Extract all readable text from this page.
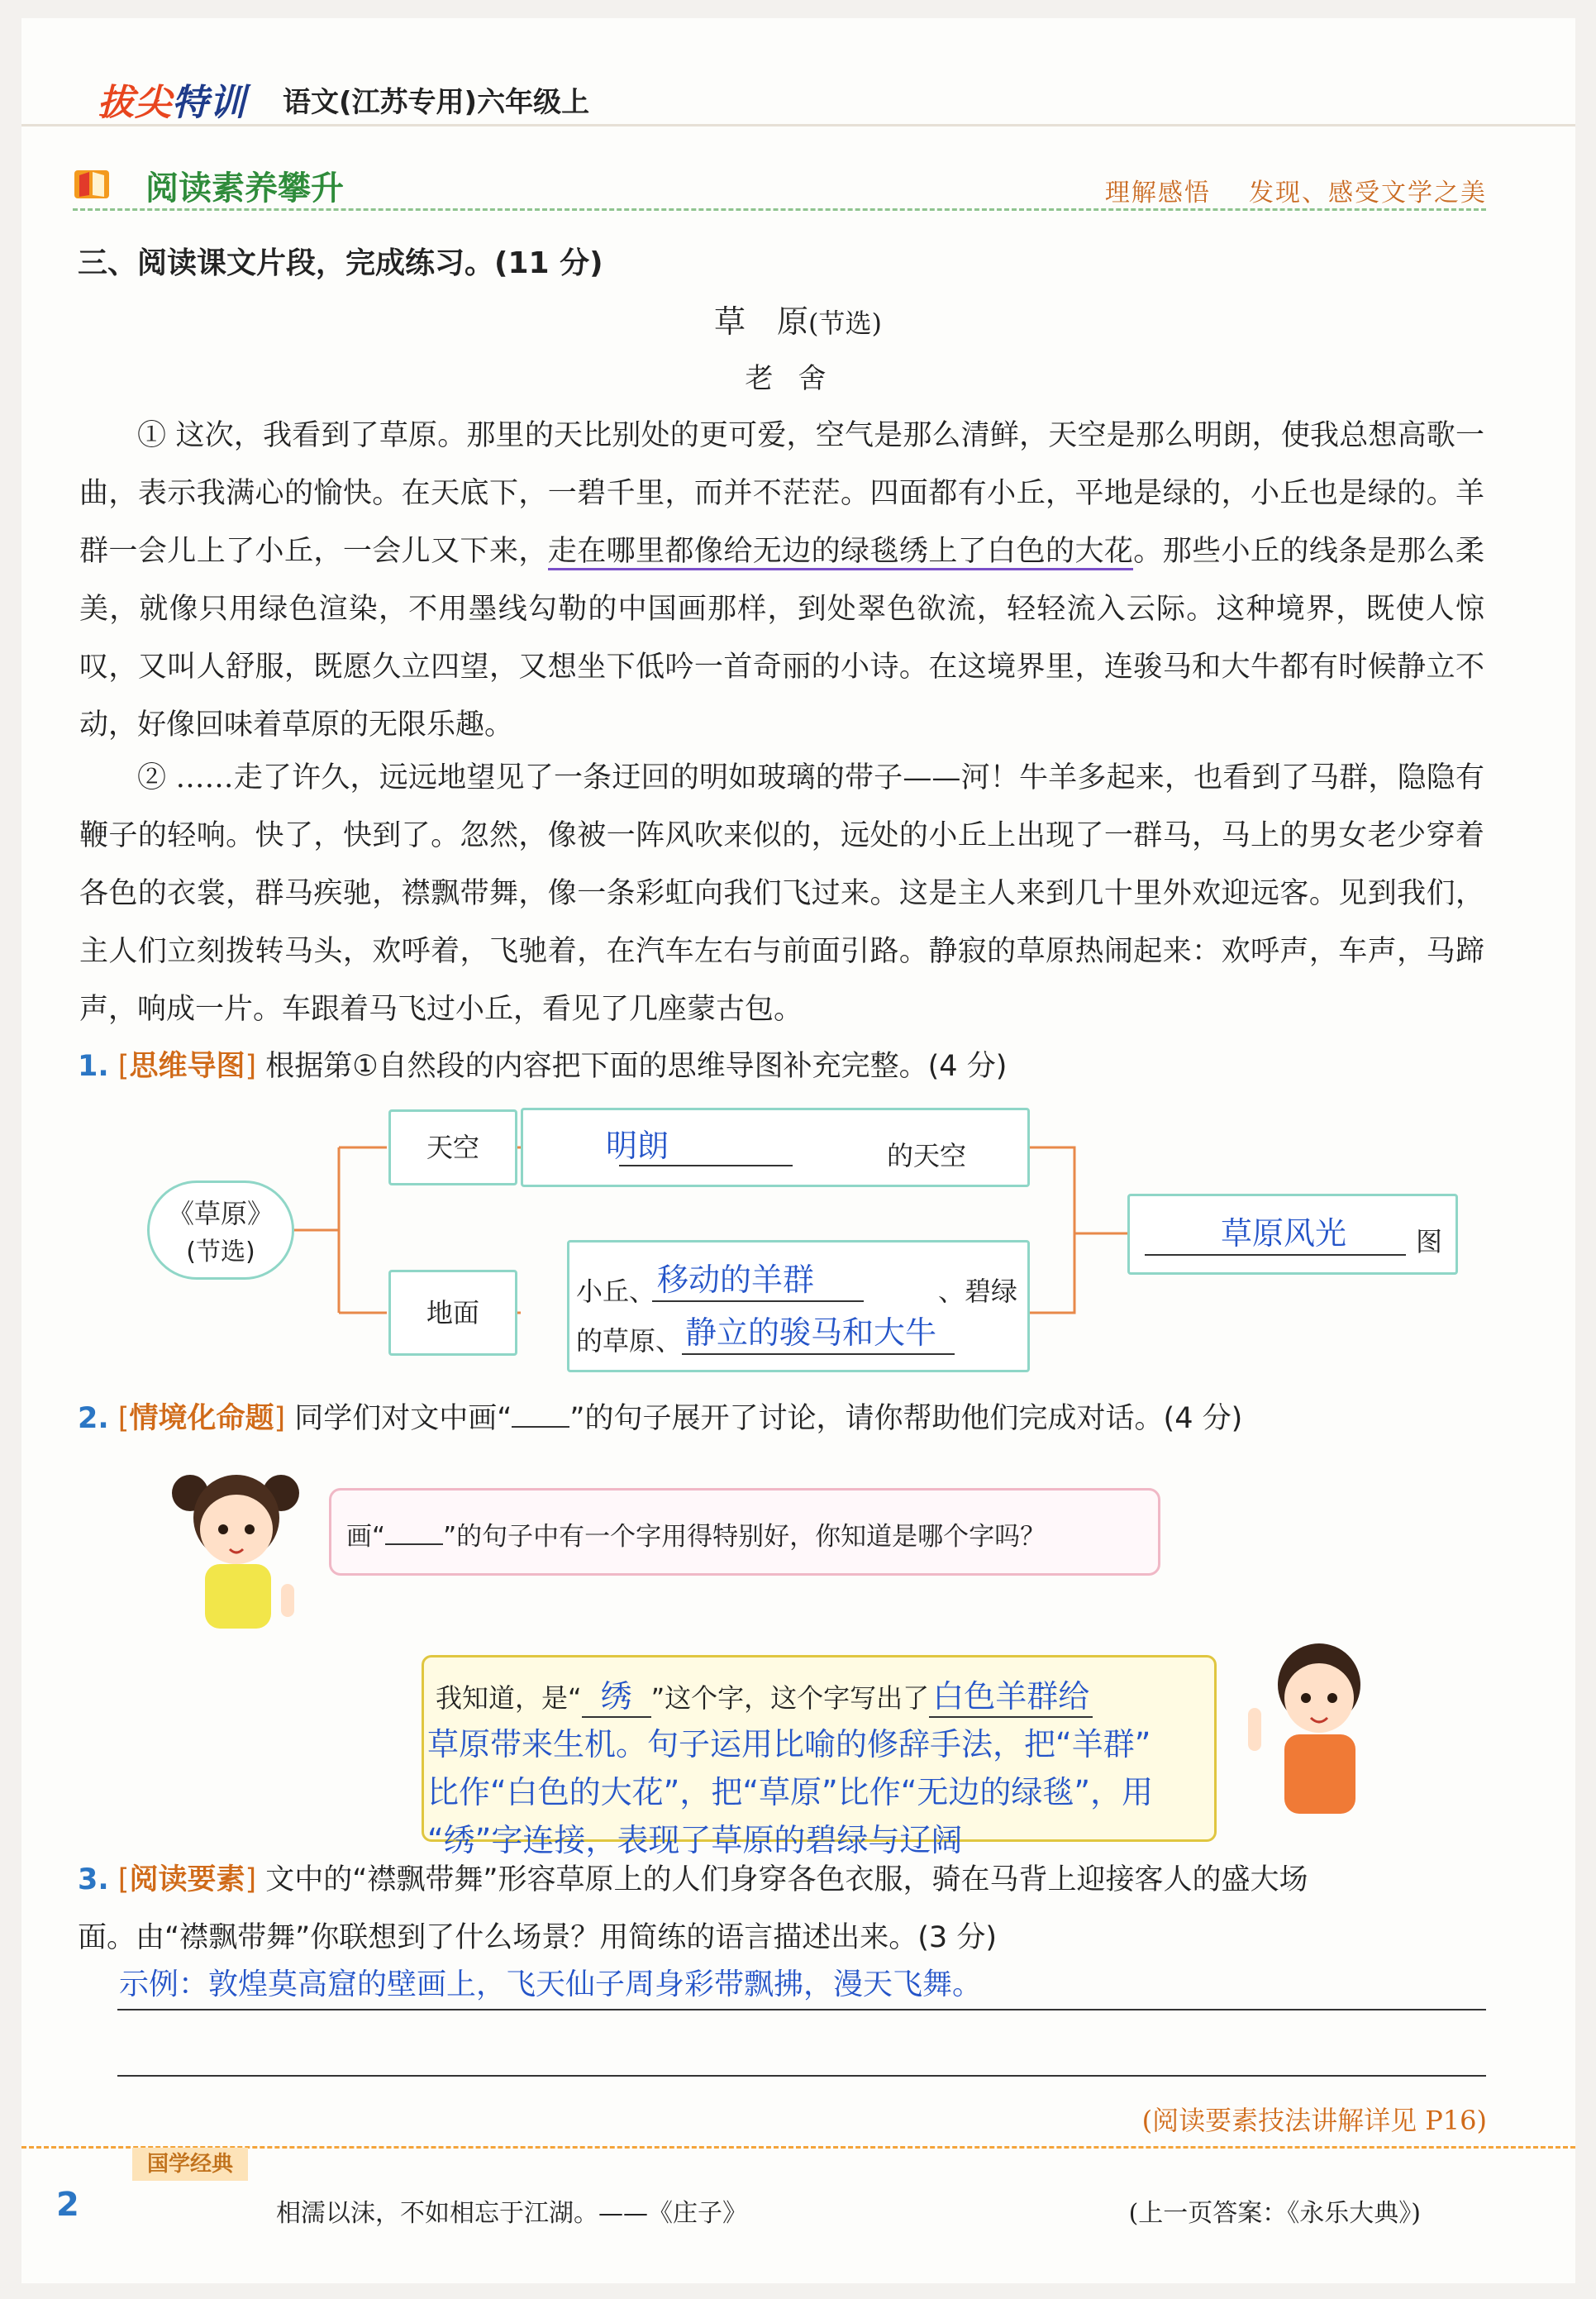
拔尖特训 语文(江苏专用)六年级上
阅读素养攀升	理解感悟    发现、感受文学之美
三、阅读课文片段，完成练习。(11 分)
草　原(节选)
老舍

① 这次，我看到了草原。那里的天比别处的更可爱，空气是那么清鲜，天空是那么明朗，使我总想高歌一曲，表示我满心的愉快。在天底下，一碧千里，而并不茫茫。四面都有小丘，平地是绿的，小丘也是绿的。羊群一会儿上了小丘，一会儿又下来，走在哪里都像给无边的绿毯绣上了白色的大花。那些小丘的线条是那么柔美，就像只用绿色渲染，不用墨线勾勒的中国画那样，到处翠色欲流，轻轻流入云际。这种境界，既使人惊叹，又叫人舒服，既愿久立四望，又想坐下低吟一首奇丽的小诗。在这境界里，连骏马和大牛都有时候静立不动，好像回味着草原的无限乐趣。

② ……走了许久，远远地望见了一条迂回的明如玻璃的带子——河！牛羊多起来，也看到了马群，隐隐有鞭子的轻响。快了，快到了。忽然，像被一阵风吹来似的，远处的小丘上出现了一群马，马上的男女老少穿着各色的衣裳，群马疾驰，襟飘带舞，像一条彩虹向我们飞过来。这是主人来到几十里外欢迎远客。见到我们，主人们立刻拨转马头，欢呼着，飞驰着，在汽车左右与前面引路。静寂的草原热闹起来：欢呼声，车声，马蹄声，响成一片。车跟着马飞过小丘，看见了几座蒙古包。

1. [思维导图] 根据第①自然段的内容把下面的思维导图补充完整。(4 分)
《草原》
(节选)
天空
地面
明朗	的天空
小丘、 移动的羊群	、碧绿
的草原、 静立的骏马和大牛
草原风光	图
2. [情境化命题] 同学们对文中画“ ”的句子展开了讨论，请你帮助他们完成对话。(4 分)
画“ ”的句子中有一个字用得特别好，你知道是哪个字吗？
我知道，是“ 绣 ”这个字，这个字写出了 白色羊群给
草原带来生机。句子运用比喻的修辞手法，把“羊群”
比作“白色的大花”，把“草原”比作“无边的绿毯”，用
“绣”字连接，表现了草原的碧绿与辽阔
3. [阅读要素] 文中的“襟飘带舞”形容草原上的人们身穿各色衣服，骑在马背上迎接客人的盛大场
面。由“襟飘带舞”你联想到了什么场景？用简练的语言描述出来。(3 分)
示例：敦煌莫高窟的壁画上，飞天仙子周身彩带飘拂，漫天飞舞。
(阅读要素技法讲解详见 P16)
国学经典
2	相濡以沫，不如相忘于江湖。——《庄子》	(上一页答案：《永乐大典》)
